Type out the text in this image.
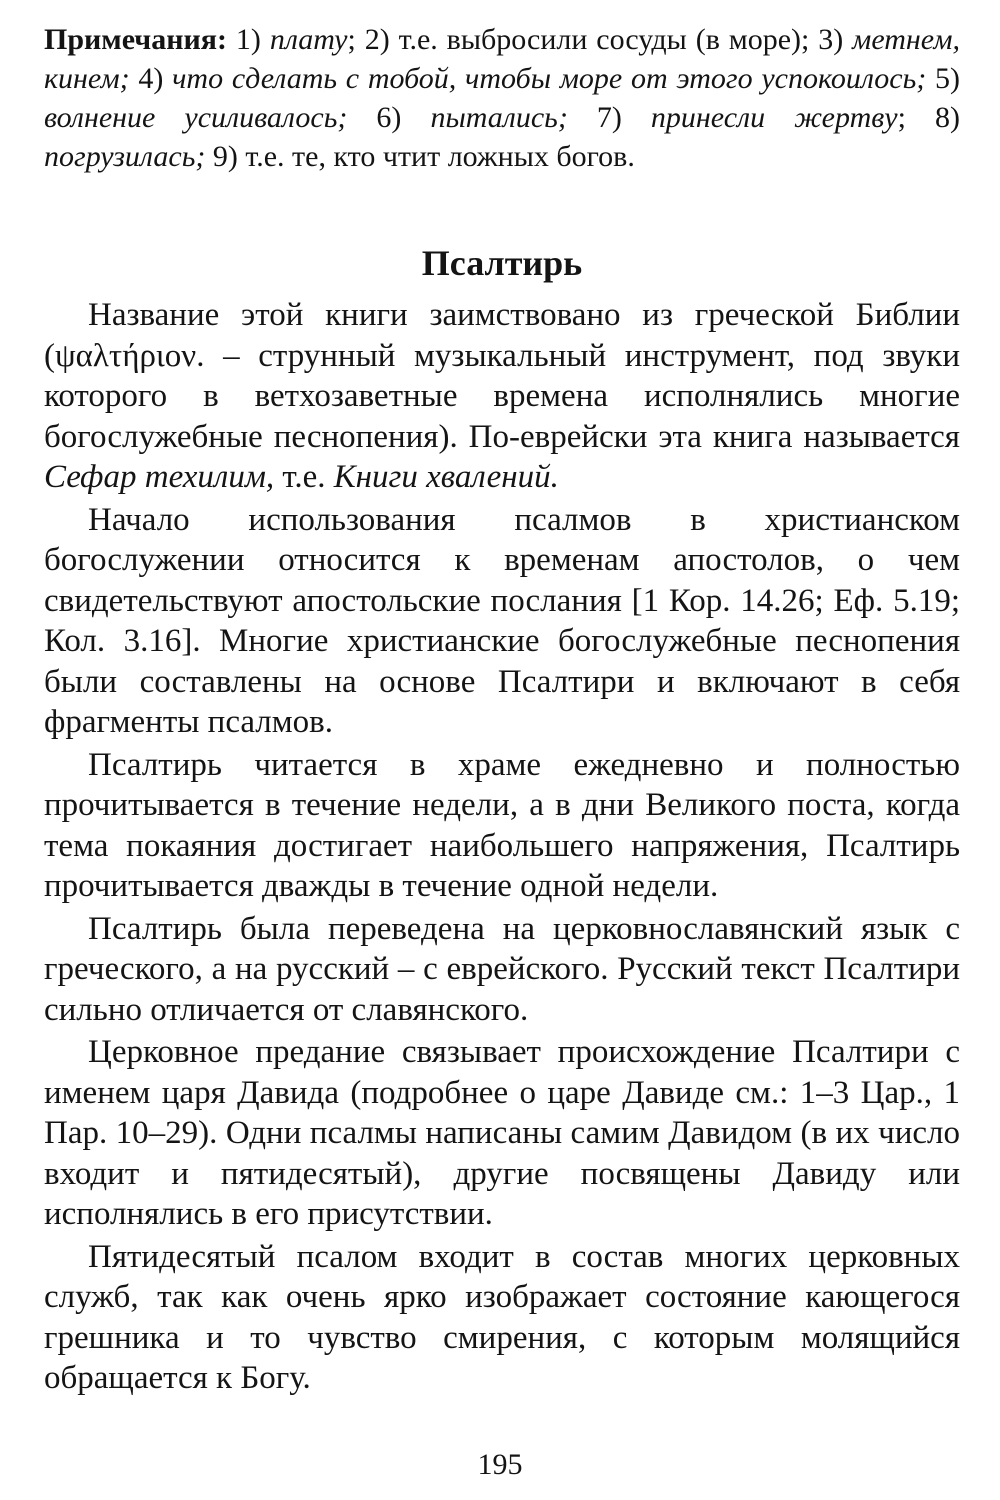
Примечания: 1) плату; 2) т.е. выбросили сосуды (в море); 3) метнем, кинем; 4) что сделать с тобой, чтобы море от этого успокоилось; 5) волнение усиливалось; 6) пытались; 7) принесли жертву; 8) погрузилась; 9) т.е. те, кто чтит ложных богов.

Псалтирь

Название этой книги заимствовано из греческой Библии (ψαλτήριον. – струнный музыкальный инструмент, под звуки которого в ветхозаветные времена исполнялись многие богослужебные песнопения). По-еврейски эта книга называется Сефар техилим, т.е. Книги хвалений.

Начало использования псалмов в христианском богослужении относится к временам апостолов, о чем свидетельствуют апостольские послания [1 Кор. 14.26; Еф. 5.19; Кол. 3.16]. Многие христианские богослужебные песнопения были составлены на основе Псалтири и включают в себя фрагменты псалмов.

Псалтирь читается в храме ежедневно и полностью прочитывается в течение недели, а в дни Великого поста, когда тема покаяния достигает наибольшего напряжения, Псалтирь прочитывается дважды в течение одной недели.

Псалтирь была переведена на церковнославянский язык с греческого, а на русский – с еврейского. Русский текст Псалтири сильно отличается от славянского.

Церковное предание связывает происхождение Псалтири с именем царя Давида (подробнее о царе Давиде см.: 1–3 Цар., 1 Пар. 10–29). Одни псалмы написаны самим Давидом (в их число входит и пятидесятый), другие посвящены Давиду или исполнялись в его присутствии.

Пятидесятый псалом входит в состав многих церковных служб, так как очень ярко изображает состояние кающегося грешника и то чувство смирения, с которым молящийся обращается к Богу.

195
